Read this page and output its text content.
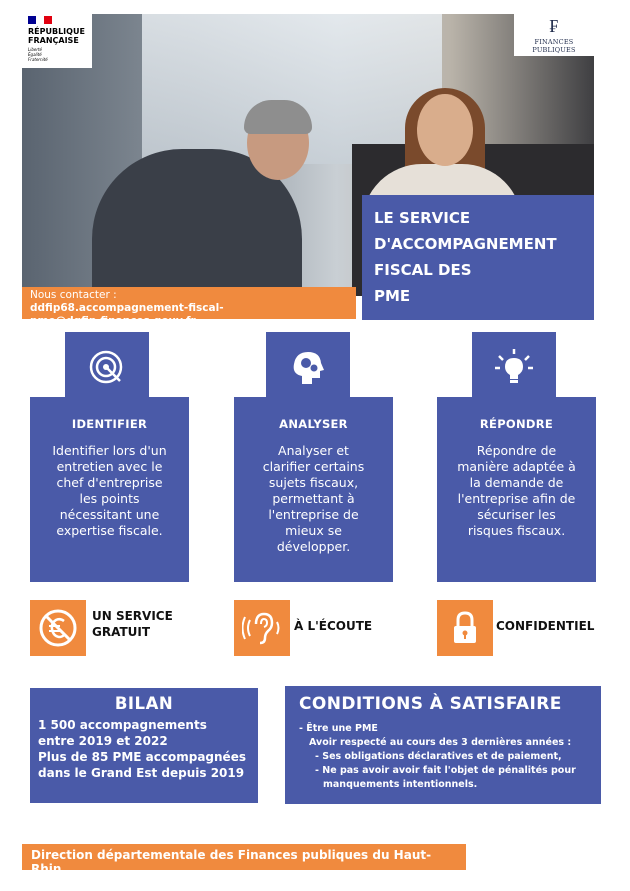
RÉPUBLIQUE
FRANÇAISE
Liberté
Égalité
Fraternité
₣
FINANCES PUBLIQUES
LE SERVICE
D'ACCOMPAGNEMENT
FISCAL DES
PME
Nous contacter :
ddfip68.accompagnement-fiscal-pme@dgfip.finances.gouv.fr
IDENTIFIER

Identifier lors d'un
entretien avec le
chef d'entreprise
les points
nécessitant une
expertise fiscale.

ANALYSER

Analyser et
clarifier certains
sujets fiscaux,
permettant à
l'entreprise de
mieux se
développer.

RÉPONDRE

Répondre de
manière adaptée à
la demande de
l'entreprise afin de
sécuriser les
risques fiscaux.

UN SERVICE
GRATUIT	À L'ÉCOUTE	CONFIDENTIEL
BILAN

1 500 accompagnements
entre 2019 et 2022
Plus de 85 PME accompagnées
dans le Grand Est depuis 2019

CONDITIONS À SATISFAIRE
- Être une PME
Avoir respecté au cours des 3 dernières années :
- Ses obligations déclaratives et de paiement,
- Ne pas avoir avoir fait l'objet de pénalités pour
manquements intentionnels.
Direction départementale des Finances publiques du Haut-Rhin
